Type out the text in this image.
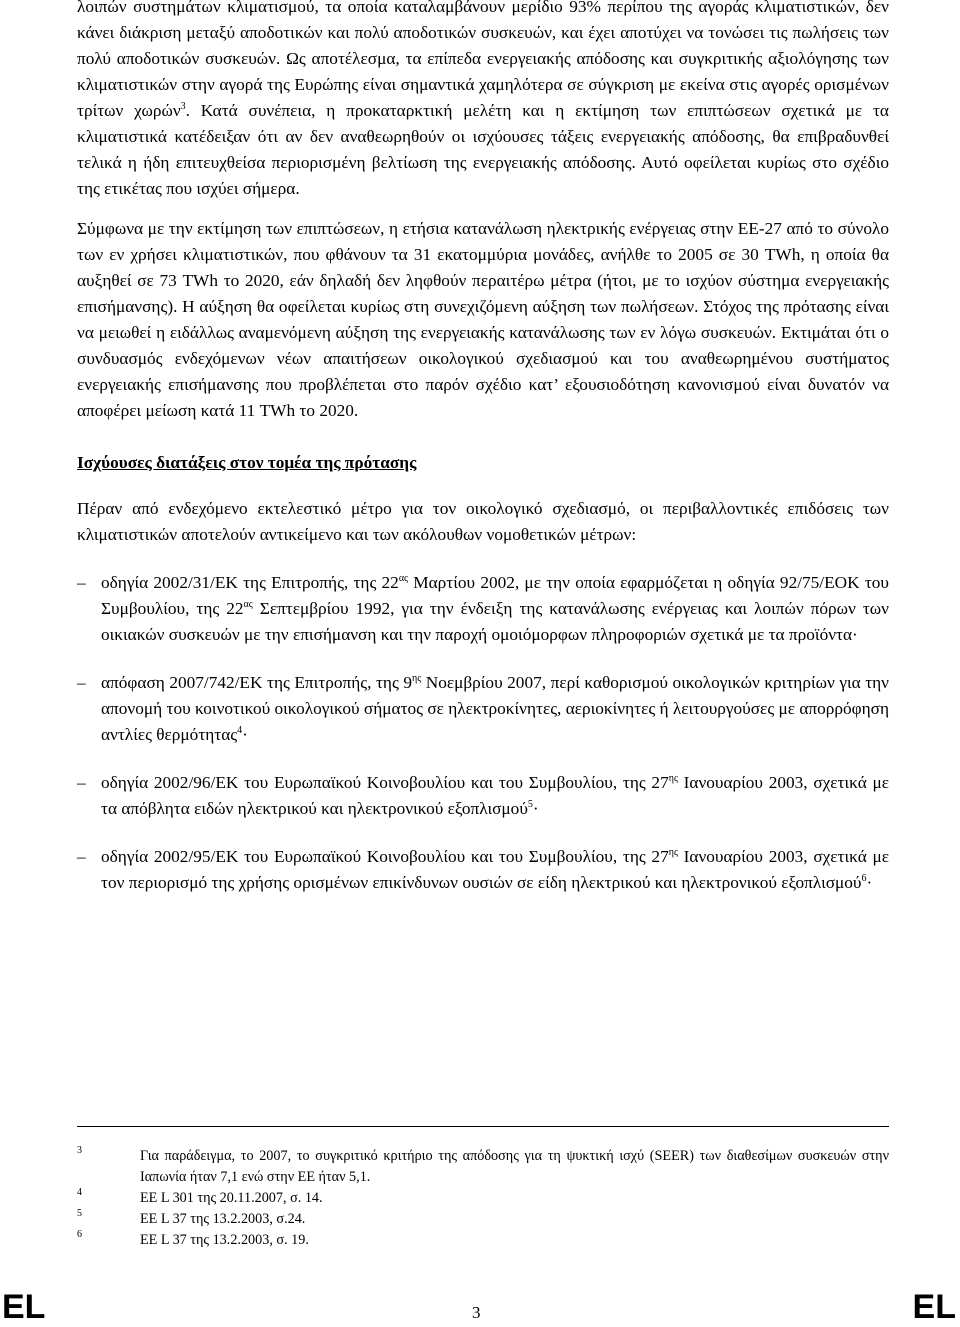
λοιπών συστημάτων κλιματισμού, τα οποία καταλαμβάνουν μερίδιο 93% περίπου της αγοράς κλιματιστικών, δεν κάνει διάκριση μεταξύ αποδοτικών και πολύ αποδοτικών συσκευών, και έχει αποτύχει να τονώσει τις πωλήσεις των πολύ αποδοτικών συσκευών. Ως αποτέλεσμα, τα επίπεδα ενεργειακής απόδοσης και συγκριτικής αξιολόγησης των κλιματιστικών στην αγορά της Ευρώπης είναι σημαντικά χαμηλότερα σε σύγκριση με εκείνα στις αγορές ορισμένων τρίτων χωρών$^3$. Κατά συνέπεια, η προκαταρκτική μελέτη και η εκτίμηση των επιπτώσεων σχετικά με τα κλιματιστικά κατέδειξαν ότι αν δεν αναθεωρηθούν οι ισχύουσες τάξεις ενεργειακής απόδοσης, θα επιβραδυνθεί τελικά η ήδη επιτευχθείσα περιορισμένη βελτίωση της ενεργειακής απόδοσης. Αυτό οφείλεται κυρίως στο σχέδιο της ετικέτας που ισχύει σήμερα.

Σύμφωνα με την εκτίμηση των επιπτώσεων, η ετήσια κατανάλωση ηλεκτρικής ενέργειας στην ΕΕ-27 από το σύνολο των εν χρήσει κλιματιστικών, που φθάνουν τα 31 εκατομμύρια μονάδες, ανήλθε το 2005 σε 30 TWh, η οποία θα αυξηθεί σε 73 TWh το 2020, εάν δηλαδή δεν ληφθούν περαιτέρω μέτρα (ήτοι, με το ισχύον σύστημα ενεργειακής επισήμανσης). Η αύξηση θα οφείλεται κυρίως στη συνεχιζόμενη αύξηση των πωλήσεων. Στόχος της πρότασης είναι να μειωθεί η ειδάλλως αναμενόμενη αύξηση της ενεργειακής κατανάλωσης των εν λόγω συσκευών. Εκτιμάται ότι ο συνδυασμός ενδεχόμενων νέων απαιτήσεων οικολογικού σχεδιασμού και του αναθεωρημένου συστήματος ενεργειακής επισήμανσης που προβλέπεται στο παρόν σχέδιο κατ’ εξουσιοδότηση κανονισμού είναι δυνατόν να αποφέρει μείωση κατά 11 TWh το 2020.

Ισχύουσες διατάξεις στον τομέα της πρότασης

Πέραν από ενδεχόμενο εκτελεστικό μέτρο για τον οικολογικό σχεδιασμό, οι περιβαλλοντικές επιδόσεις των κλιματιστικών αποτελούν αντικείμενο και των ακόλουθων νομοθετικών μέτρων:

– οδηγία 2002/31/ΕΚ της Επιτροπής, της $22^{\alpha\varsigma}$ Μαρτίου 2002, με την οποία εφαρμόζεται η οδηγία 92/75/ΕΟΚ του Συμβουλίου, της $22^{\alpha\varsigma}$ Σεπτεμβρίου 1992, για την ένδειξη της κατανάλωσης ενέργειας και λοιπών πόρων των οικιακών συσκευών με την επισήμανση και την παροχή ομοιόμορφων πληροφοριών σχετικά με τα προϊόντα·
– απόφαση 2007/742/ΕΚ της Επιτροπής, της $9^{\eta\varsigma}$ Νοεμβρίου 2007, περί καθορισμού οικολογικών κριτηρίων για την απονομή του κοινοτικού οικολογικού σήματος σε ηλεκτροκίνητες, αεριοκίνητες ή λειτουργούσες με απορρόφηση αντλίες θερμότητας$^4$·
– οδηγία 2002/96/ΕΚ του Ευρωπαϊκού Κοινοβουλίου και του Συμβουλίου, της $27^{\eta\varsigma}$ Ιανουαρίου 2003, σχετικά με τα απόβλητα ειδών ηλεκτρικού και ηλεκτρονικού εξοπλισμού$^5$·
– οδηγία 2002/95/ΕΚ του Ευρωπαϊκού Κοινοβουλίου και του Συμβουλίου, της $27^{\eta\varsigma}$ Ιανουαρίου 2003, σχετικά με τον περιορισμό της χρήσης ορισμένων επικίνδυνων ουσιών σε είδη ηλεκτρικού και ηλεκτρονικού εξοπλισμού$^6$·
3	Για παράδειγμα, το 2007, το συγκριτικό κριτήριο της απόδοσης για τη ψυκτική ισχύ (SEER) των διαθεσίμων συσκευών στην Ιαπωνία ήταν 7,1 ενώ στην ΕΕ ήταν 5,1.
4	ΕΕ L 301 της 20.11.2007, σ. 14.
5	ΕΕ L 37 της 13.2.2003, σ.24.
6	ΕΕ L 37 της 13.2.2003, σ. 19.
EL	3	EL
